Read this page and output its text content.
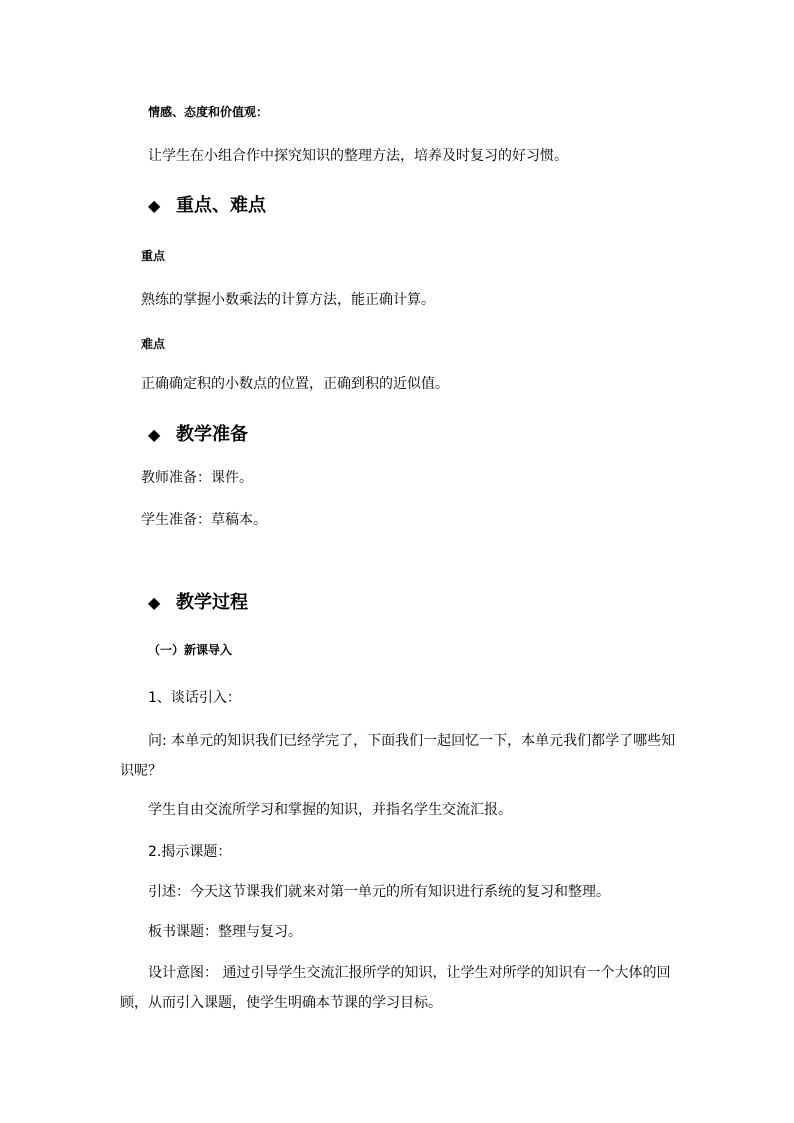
情感、态度和价值观：
让学生在小组合作中探究知识的整理方法，培养及时复习的好习惯。
◆ 重点、难点
重点
熟练的掌握小数乘法的计算方法，能正确计算。
难点
正确确定积的小数点的位置，正确到积的近似值。
◆ 教学准备
教师准备：课件。
学生准备：草稿本。
◆ 教学过程
（一）新课导入
1、谈话引入：
问: 本单元的知识我们已经学完了，下面我们一起回忆一下，本单元我们都学了哪些知
识呢？
学生自由交流所学习和掌握的知识，并指名学生交流汇报。
2.揭示课题：
引述：今天这节课我们就来对第一单元的所有知识进行系统的复习和整理。
板书课题：整理与复习。
设计意图： 通过引导学生交流汇报所学的知识，让学生对所学的知识有一个大体的回
顾，从而引入课题，使学生明确本节课的学习目标。
